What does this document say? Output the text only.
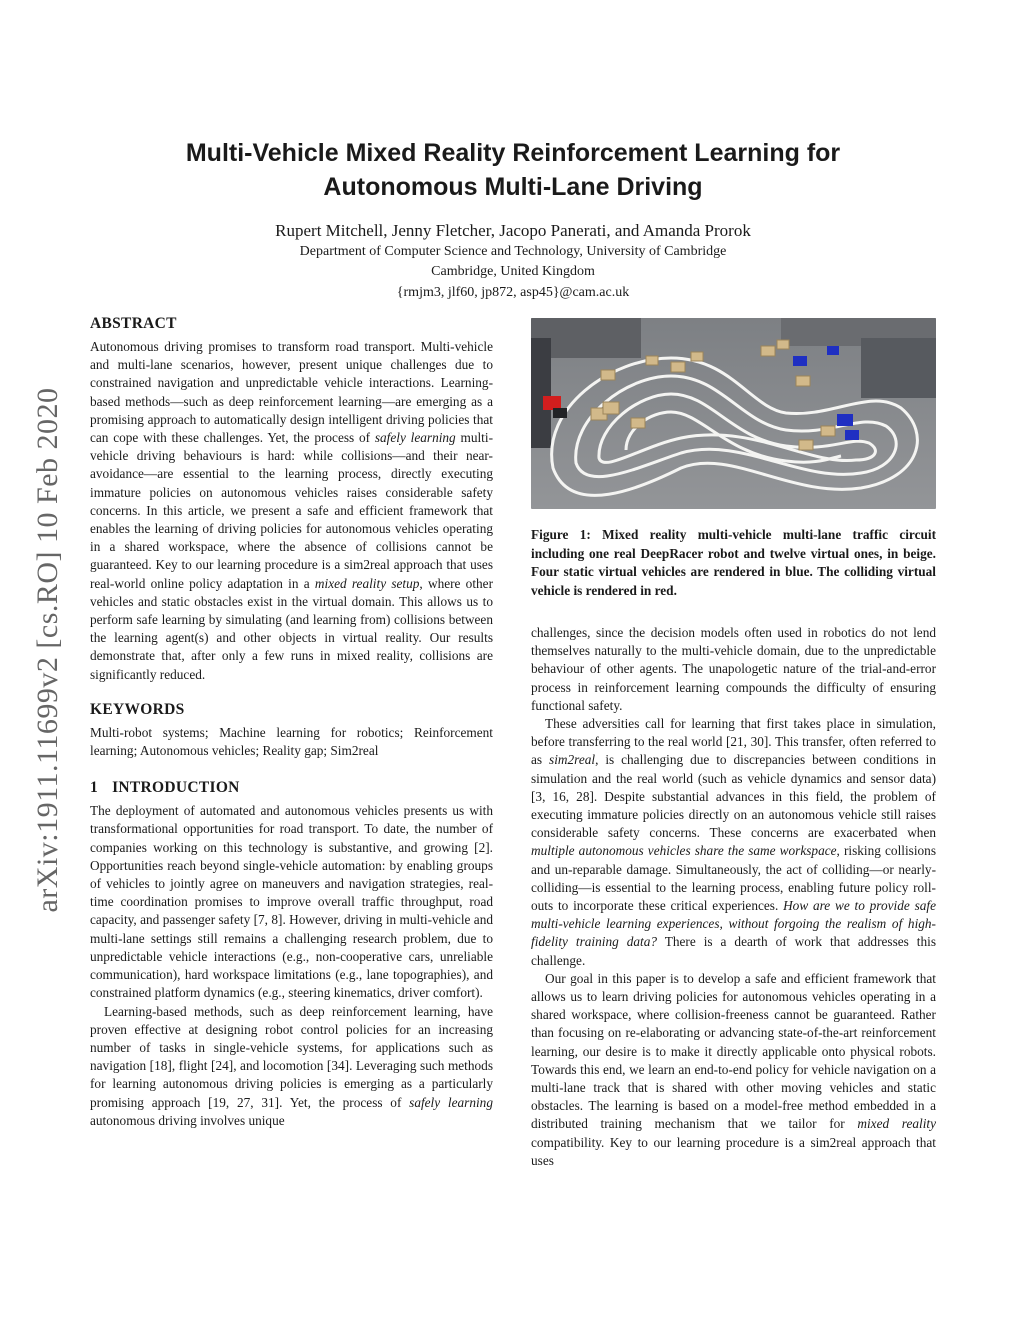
arXiv:1911.11699v2 [cs.RO] 10 Feb 2020
Multi-Vehicle Mixed Reality Reinforcement Learning for
Autonomous Multi-Lane Driving
Rupert Mitchell, Jenny Fletcher, Jacopo Panerati, and Amanda Prorok
Department of Computer Science and Technology, University of Cambridge
Cambridge, United Kingdom
{rmjm3, jlf60, jp872, asp45}@cam.ac.uk
ABSTRACT

Autonomous driving promises to transform road transport. Multi-vehicle and multi-lane scenarios, however, present unique challenges due to constrained navigation and unpredictable vehicle interactions. Learning-based methods—such as deep reinforcement learning—are emerging as a promising approach to automatically design intelligent driving policies that can cope with these challenges. Yet, the process of safely learning multi-vehicle driving behaviours is hard: while collisions—and their near-avoidance—are essential to the learning process, directly executing immature policies on autonomous vehicles raises considerable safety concerns. In this article, we present a safe and efficient framework that enables the learning of driving policies for autonomous vehicles operating in a shared workspace, where the absence of collisions cannot be guaranteed. Key to our learning procedure is a sim2real approach that uses real-world online policy adaptation in a mixed reality setup, where other vehicles and static obstacles exist in the virtual domain. This allows us to perform safe learning by simulating (and learning from) collisions between the learning agent(s) and other objects in virtual reality. Our results demonstrate that, after only a few runs in mixed reality, collisions are significantly reduced.

KEYWORDS

Multi-robot systems; Machine learning for robotics; Reinforcement learning; Autonomous vehicles; Reality gap; Sim2real

1 INTRODUCTION

The deployment of automated and autonomous vehicles presents us with transformational opportunities for road transport. To date, the number of companies working on this technology is substantive, and growing [2]. Opportunities reach beyond single-vehicle automation: by enabling groups of vehicles to jointly agree on maneuvers and navigation strategies, real-time coordination promises to improve overall traffic throughput, road capacity, and passenger safety [7, 8]. However, driving in multi-vehicle and multi-lane settings still remains a challenging research problem, due to unpredictable vehicle interactions (e.g., non-cooperative cars, unreliable communication), hard workspace limitations (e.g., lane topographies), and constrained platform dynamics (e.g., steering kinematics, driver comfort).

Learning-based methods, such as deep reinforcement learning, have proven effective at designing robot control policies for an increasing number of tasks in single-vehicle systems, for applications such as navigation [18], flight [24], and locomotion [34]. Leveraging such methods for learning autonomous driving policies is emerging as a particularly promising approach [19, 27, 31]. Yet, the process of safely learning autonomous driving involves unique

Figure 1: Mixed reality multi-vehicle multi-lane traffic circuit including one real DeepRacer robot and twelve virtual ones, in beige. Four static virtual vehicles are rendered in blue. The colliding virtual vehicle is rendered in red.

challenges, since the decision models often used in robotics do not lend themselves naturally to the multi-vehicle domain, due to the unpredictable behaviour of other agents. The unapologetic nature of the trial-and-error process in reinforcement learning compounds the difficulty of ensuring functional safety.

These adversities call for learning that first takes place in simulation, before transferring to the real world [21, 30]. This transfer, often referred to as sim2real, is challenging due to discrepancies between conditions in simulation and the real world (such as vehicle dynamics and sensor data) [3, 16, 28]. Despite substantial advances in this field, the problem of executing immature policies directly on an autonomous vehicle still raises considerable safety concerns. These concerns are exacerbated when multiple autonomous vehicles share the same workspace, risking collisions and un-reparable damage. Simultaneously, the act of colliding—or nearly-colliding—is essential to the learning process, enabling future policy roll-outs to incorporate these critical experiences. How are we to provide safe multi-vehicle learning experiences, without forgoing the realism of high-fidelity training data? There is a dearth of work that addresses this challenge.

Our goal in this paper is to develop a safe and efficient framework that allows us to learn driving policies for autonomous vehicles operating in a shared workspace, where collision-freeness cannot be guaranteed. Rather than focusing on re-elaborating or advancing state-of-the-art reinforcement learning, our desire is to make it directly applicable onto physical robots. Towards this end, we learn an end-to-end policy for vehicle navigation on a multi-lane track that is shared with other moving vehicles and static obstacles. The learning is based on a model-free method embedded in a distributed training mechanism that we tailor for mixed reality compatibility. Key to our learning procedure is a sim2real approach that uses
